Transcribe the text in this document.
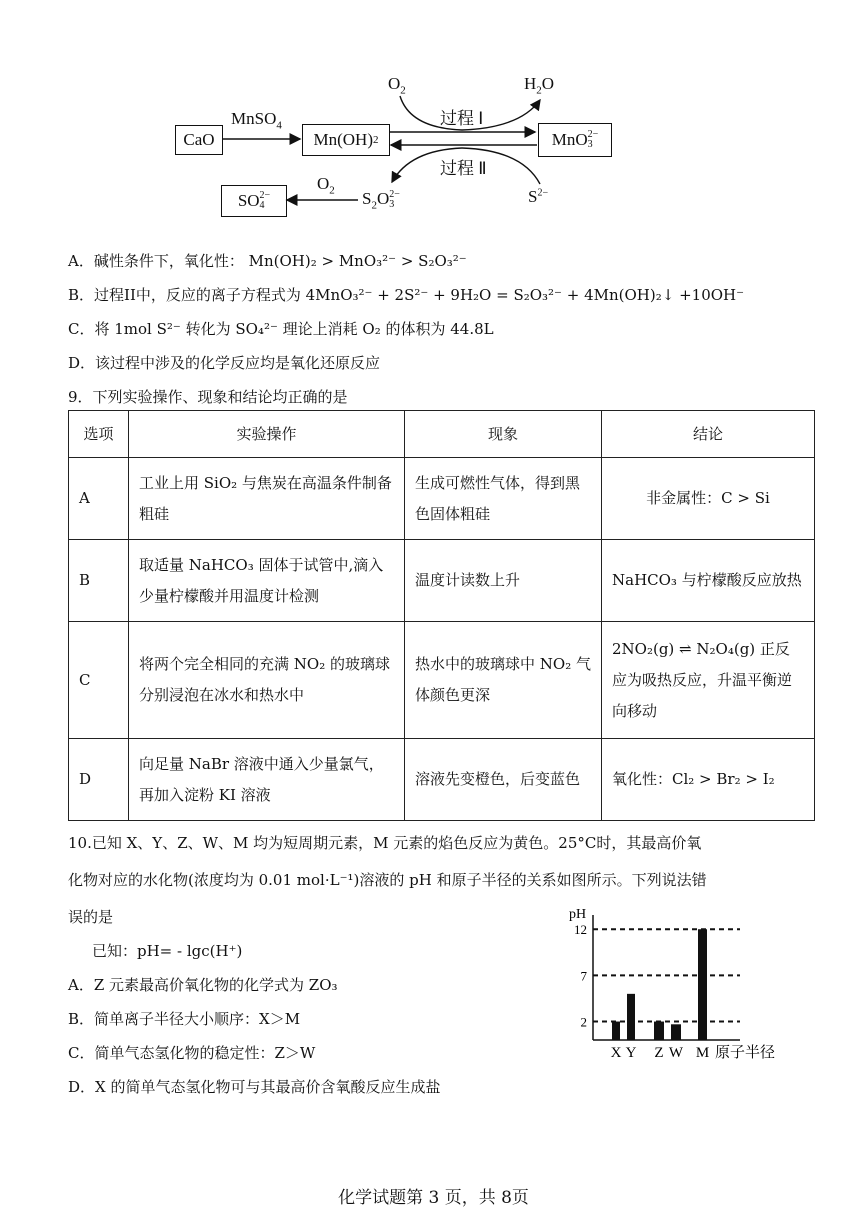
CaO	Mn(OH) 2	MnO 2−
3
SO 2−
4
MnSO$_4$
$O_2$	$H_2O$
过程 Ⅰ
过程 Ⅱ
$O_2$ $S_2O$ 2−
3	$S^{2-}$
A．碱性条件下，氧化性： Mn(OH)₂ > MnO₃²⁻ > S₂O₃²⁻
B．过程II中，反应的离子方程式为 4MnO₃²⁻ + 2S²⁻ + 9H₂O = S₂O₃²⁻ + 4Mn(OH)₂↓ +10OH⁻
C．将 1mol S²⁻ 转化为 SO₄²⁻ 理论上消耗 O₂ 的体积为 44.8L
D．该过程中涉及的化学反应均是氧化还原反应
9．下列实验操作、现象和结论均正确的是
选项	实验操作	现象	结论
A	工业上用 SiO₂ 与焦炭在高温条件制备粗硅	生成可燃性气体，得到黑色固体粗硅	非金属性：C > Si
B	取适量 NaHCO₃ 固体于试管中,滴入少量柠檬酸并用温度计检测	温度计读数上升	NaHCO₃ 与柠檬酸反应放热
C	将两个完全相同的充满 NO₂ 的玻璃球分别浸泡在冰水和热水中	热水中的玻璃球中 NO₂ 气体颜色更深	2NO₂(g) ⇌ N₂O₄(g) 正反应为吸热反应，升温平衡逆向移动
D	向足量 NaBr 溶液中通入少量氯气，再加入淀粉 KI 溶液	溶液先变橙色，后变蓝色	氧化性：Cl₂ > Br₂ > I₂
10.已知 X、Y、Z、W、M 均为短周期元素，M 元素的焰色反应为黄色。25°C时，其最高价氧
化物对应的水化物(浓度均为 0.01 mol·L⁻¹)溶液的 pH 和原子半径的关系如图所示。下列说法错
误的是
已知：pH= - lgc(H⁺)
A．Z 元素最高价氧化物的化学式为 ZO₃
B．简单离子半径大小顺序：X＞M
C．简单气态氢化物的稳定性：Z＞W
D．X 的简单气态氢化物可与其最高价含氧酸反应生成盐
pH
2
7
12
X Y Z W M 原子半径
化学试题第 3 页，共 8页
